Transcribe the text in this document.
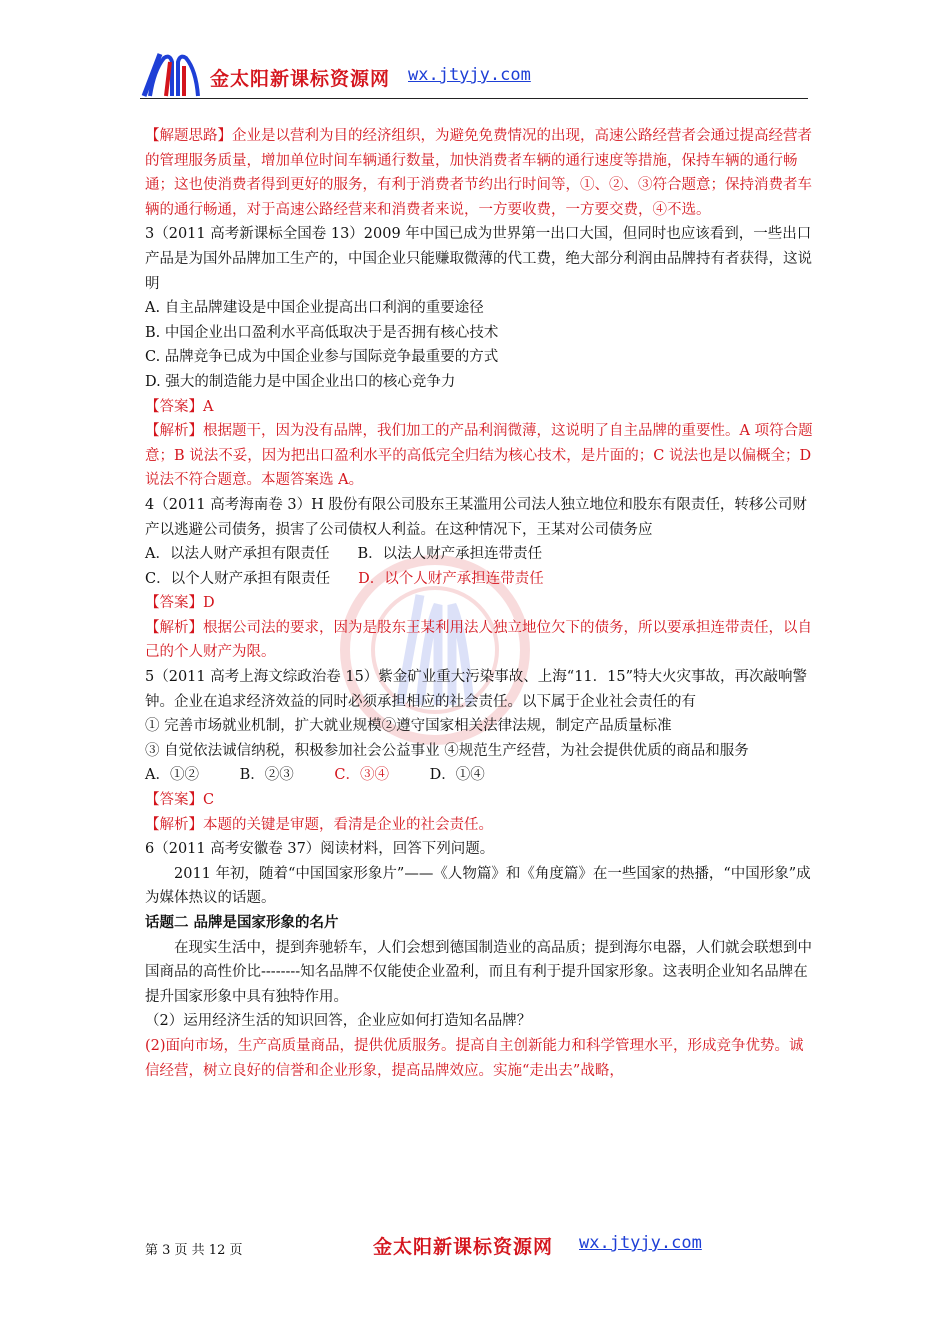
金太阳新课标资源网 wx.jtyjy.com

【解题思路】企业是以营利为目的经济组织，为避免免费情况的出现，高速公路经营者会通过提高经营者的管理服务质量，增加单位时间车辆通行数量，加快消费者车辆的通行速度等措施，保持车辆的通行畅通；这也使消费者得到更好的服务，有利于消费者节约出行时间等，①、②、③符合题意；保持消费者车辆的通行畅通，对于高速公路经营来和消费者来说，一方要收费，一方要交费，④不选。

3（2011 高考新课标全国卷 13）2009 年中国已成为世界第一出口大国，但同时也应该看到，一些出口产品是为国外品牌加工生产的，中国企业只能赚取微薄的代工费，绝大部分利润由品牌持有者获得，这说明

A. 自主品牌建设是中国企业提高出口利润的重要途径

B. 中国企业出口盈利水平高低取决于是否拥有核心技术

C. 品牌竞争已成为中国企业参与国际竞争最重要的方式

D. 强大的制造能力是中国企业出口的核心竞争力

【答案】A

【解析】根据题干，因为没有品牌，我们加工的产品利润微薄，这说明了自主品牌的重要性。A 项符合题意；B 说法不妥，因为把出口盈利水平的高低完全归结为核心技术，是片面的；C 说法也是以偏概全；D 说法不符合题意。本题答案选 A。

4（2011 高考海南卷 3）H 股份有限公司股东王某滥用公司法人独立地位和股东有限责任，转移公司财产以逃避公司债务，损害了公司债权人利益。在这种情况下，王某对公司债务应

A．以法人财产承担有限责任 B．以法人财产承担连带责任

C．以个人财产承担有限责任 D．以个人财产承担连带责任

【答案】D

【解析】根据公司法的要求，因为是股东王某利用法人独立地位欠下的债务，所以要承担连带责任，以自己的个人财产为限。

5（2011 高考上海文综政治卷 15）紫金矿业重大污染事故、上海“11．15”特大火灾事故，再次敲响警钟。企业在追求经济效益的同时必须承担相应的社会责任。以下属于企业社会责任的有

① 完善市场就业机制，扩大就业规模②遵守国家相关法律法规，制定产品质量标准

③ 自觉依法诚信纳税，积极参加社会公益事业 ④规范生产经营，为社会提供优质的商品和服务

A．①②	B．②③	C．③④	D．①④

【答案】C

【解析】本题的关键是审题，看清是企业的社会责任。

6（2011 高考安徽卷 37）阅读材料，回答下列问题。

2011 年初，随着“中国国家形象片”——《人物篇》和《角度篇》在一些国家的热播，“中国形象”成为媒体热议的话题。

话题二 品牌是国家形象的名片

在现实生活中，提到奔驰轿车，人们会想到德国制造业的高品质；提到海尔电器，人们就会联想到中国商品的高性价比--------知名品牌不仅能使企业盈利，而且有利于提升国家形象。这表明企业知名品牌在提升国家形象中具有独特作用。

（2）运用经济生活的知识回答，企业应如何打造知名品牌？

(2)面向市场，生产高质量商品，提供优质服务。提高自主创新能力和科学管理水平，形成竞争优势。诚信经营，树立良好的信誉和企业形象，提高品牌效应。实施“走出去”战略，

第 3 页 共 12 页	金太阳新课标资源网 wx.jtyjy.com
